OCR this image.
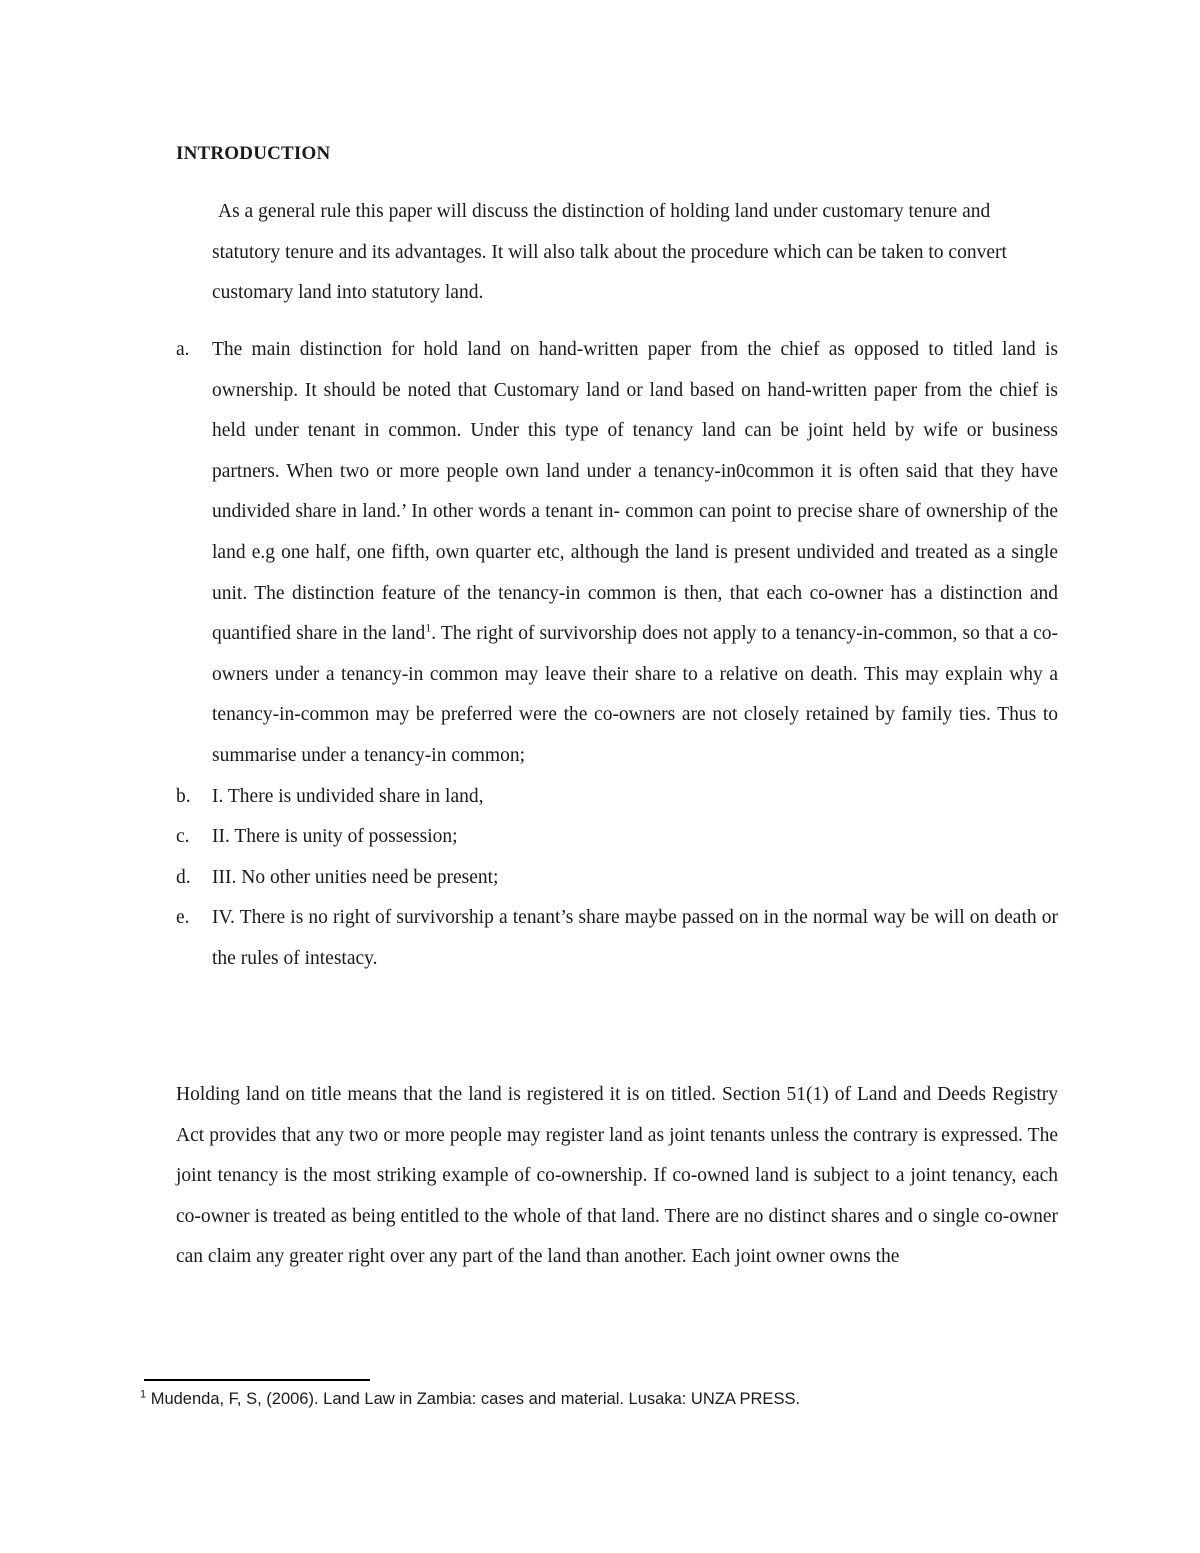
INTRODUCTION

As a general rule this paper will discuss the distinction of holding land under customary tenure and statutory tenure and its advantages. It will also talk about the procedure which can be taken to convert customary land into statutory land.

a. The main distinction for hold land on hand-written paper from the chief as opposed to titled land is ownership. It should be noted that Customary land or land based on hand-written paper from the chief is held under tenant in common. Under this type of tenancy land can be joint held by wife or business partners. When two or more people own land under a tenancy-in0common it is often said that they have undivided share in land.’ In other words a tenant in- common can point to precise share of ownership of the land e.g one half, one fifth, own quarter etc, although the land is present undivided and treated as a single unit. The distinction feature of the tenancy-in common is then, that each co-owner has a distinction and quantified share in the land$^1$. The right of survivorship does not apply to a tenancy-in-common, so that a co-owners under a tenancy-in common may leave their share to a relative on death. This may explain why a tenancy-in-common may be preferred were the co-owners are not closely retained by family ties. Thus to summarise under a tenancy-in common;
b. I. There is undivided share in land,
c. II. There is unity of possession;
d. III. No other unities need be present;
e. IV. There is no right of survivorship a tenant’s share maybe passed on in the normal way be will on death or the rules of intestacy.

Holding land on title means that the land is registered it is on titled. Section 51(1) of Land and Deeds Registry Act provides that any two or more people may register land as joint tenants unless the contrary is expressed. The joint tenancy is the most striking example of co-ownership. If co-owned land is subject to a joint tenancy, each co-owner is treated as being entitled to the whole of that land. There are no distinct shares and o single co-owner can claim any greater right over any part of the land than another. Each joint owner owns the

$^1$ Mudenda, F, S, (2006). Land Law in Zambia: cases and material. Lusaka: UNZA PRESS.
